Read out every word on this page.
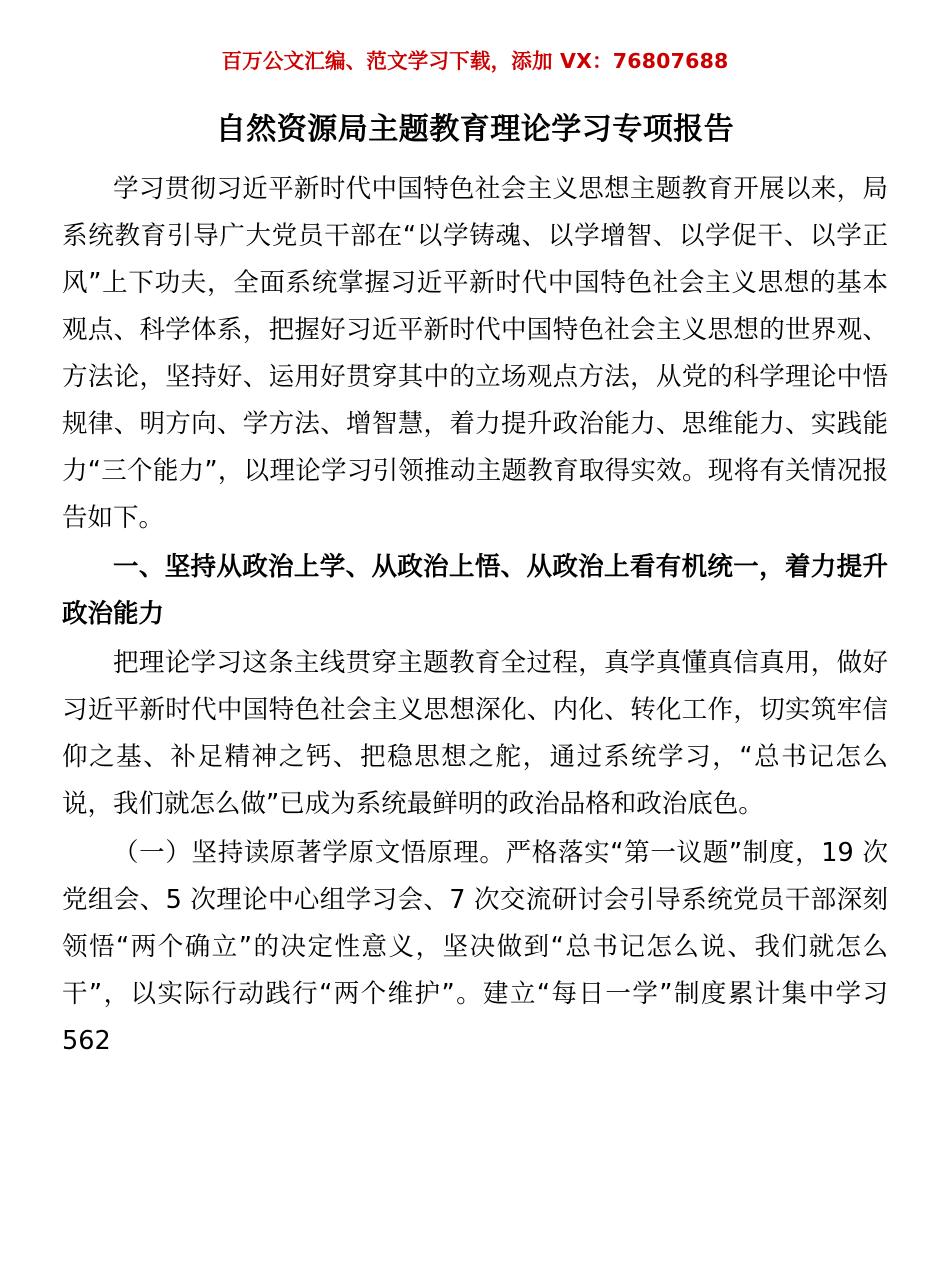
百万公文汇编、范文学习下载，添加 VX：76807688
自然资源局主题教育理论学习专项报告

学习贯彻习近平新时代中国特色社会主义思想主题教育开展以来，局系统教育引导广大党员干部在“以学铸魂、以学增智、以学促干、以学正风”上下功夫，全面系统掌握习近平新时代中国特色社会主义思想的基本观点、科学体系，把握好习近平新时代中国特色社会主义思想的世界观、方法论，坚持好、运用好贯穿其中的立场观点方法，从党的科学理论中悟规律、明方向、学方法、增智慧，着力提升政治能力、思维能力、实践能力“三个能力”，以理论学习引领推动主题教育取得实效。现将有关情况报告如下。

一、坚持从政治上学、从政治上悟、从政治上看有机统一，着力提升政治能力

把理论学习这条主线贯穿主题教育全过程，真学真懂真信真用，做好习近平新时代中国特色社会主义思想深化、内化、转化工作，切实筑牢信仰之基、补足精神之钙、把稳思想之舵，通过系统学习，“总书记怎么说，我们就怎么做”已成为系统最鲜明的政治品格和政治底色。

（一）坚持读原著学原文悟原理。严格落实“第一议题”制度，19 次党组会、5 次理论中心组学习会、7 次交流研讨会引导系统党员干部深刻领悟“两个确立”的决定性意义，坚决做到“总书记怎么说、我们就怎么干”，以实际行动践行“两个维护”。建立“每日一学”制度累计集中学习 562
